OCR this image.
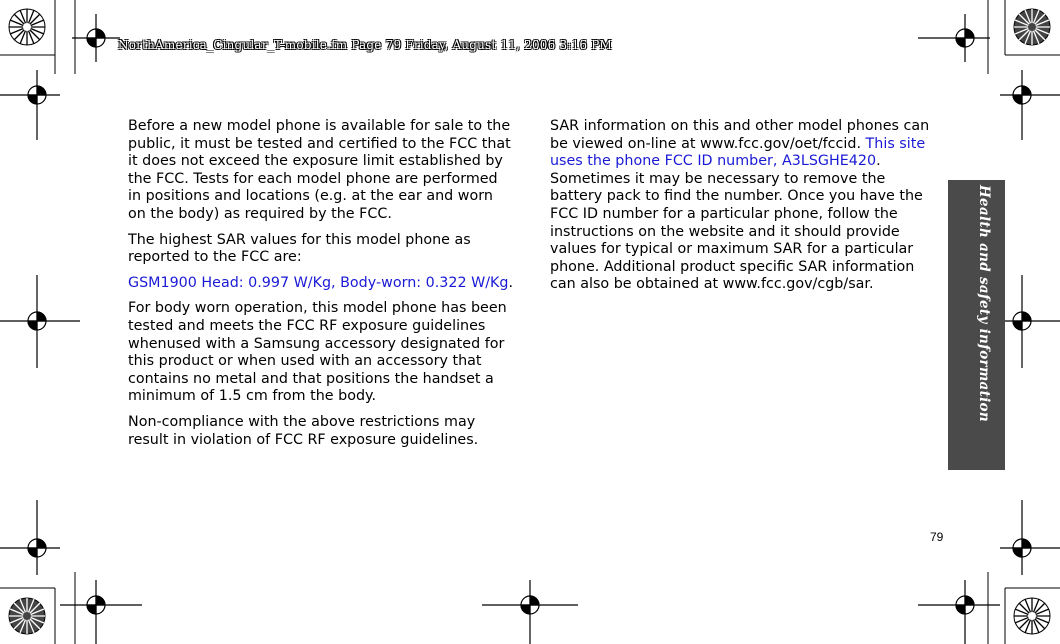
NorthAmerica_Cingular_T-mobile.fm Page 79 Friday, August 11, 2006 3:16 PM
Health and safety information

Before a new model phone is available for sale to the public, it must be tested and certified to the FCC that it does not exceed the exposure limit established by the FCC. Tests for each model phone are performed in positions and locations (e.g. at the ear and worn on the body) as required by the FCC.

The highest SAR values for this model phone as reported to the FCC are:

GSM1900 Head: 0.997 W/Kg, Body-worn: 0.322 W/Kg.

For body worn operation, this model phone has been tested and meets the FCC RF exposure guidelines whenused with a Samsung accessory designated for this product or when used with an accessory that contains no metal and that positions the handset a minimum of 1.5 cm from the body.

Non-compliance with the above restrictions may result in violation of FCC RF exposure guidelines.

SAR information on this and other model phones can be viewed on-line at www.fcc.gov/oet/fccid. This site uses the phone FCC ID number, A3LSGHE420. Sometimes it may be necessary to remove the battery pack to find the number. Once you have the FCC ID number for a particular phone, follow the instructions on the website and it should provide values for typical or maximum SAR for a particular phone. Additional product specific SAR information can also be obtained at www.fcc.gov/cgb/sar.

79
